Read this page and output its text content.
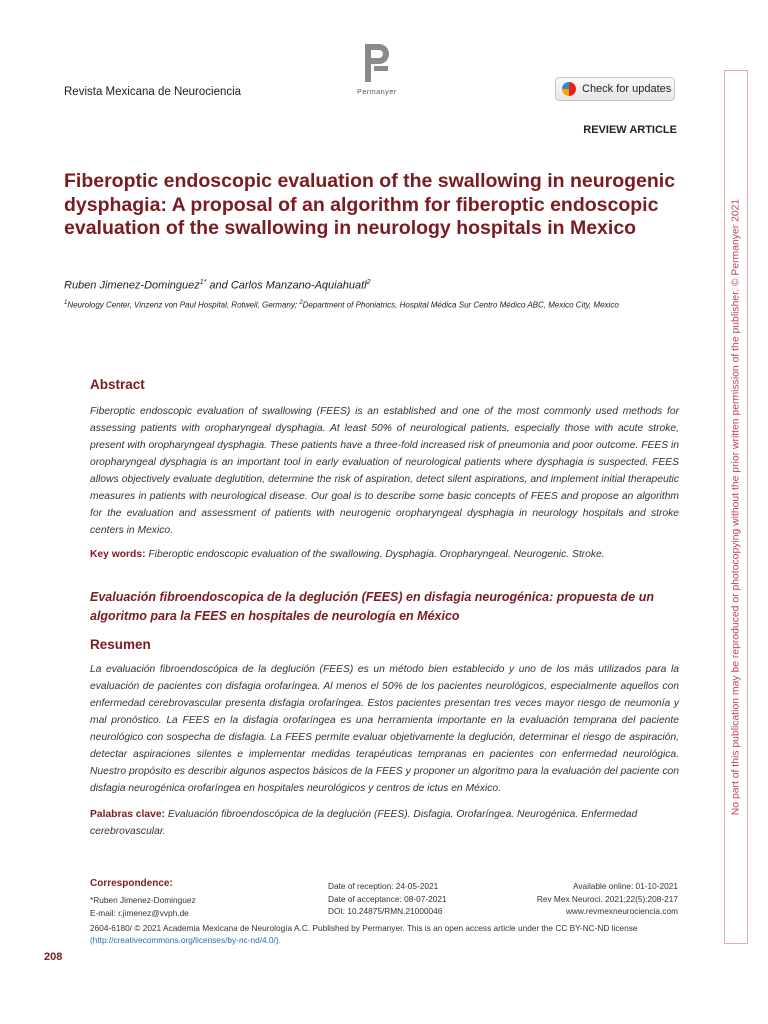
Revista Mexicana de Neurociencia	Permanyer	Check for updates
REVIEW ARTICLE
Fiberoptic endoscopic evaluation of the swallowing in neurogenic dysphagia: A proposal of an algorithm for fiberoptic endoscopic evaluation of the swallowing in neurology hospitals in Mexico
Ruben Jimenez-Dominguez$^{1*}$ and Carlos Manzano-Aquiahuatl$^2$
$^1$Neurology Center, Vinzenz von Paul Hospital, Rotweil, Germany; $^2$Department of Phoniatrics, Hospital Médica Sur Centro Médico ABC, Mexico City, Mexico
Abstract

Fiberoptic endoscopic evaluation of swallowing (FEES) is an established and one of the most commonly used methods for assessing patients with oropharyngeal dysphagia. At least 50% of neurological patients, especially those with acute stroke, present with oropharyngeal dysphagia. These patients have a three-fold increased risk of pneumonia and poor outcome. FEES in oropharyngeal dysphagia is an important tool in early evaluation of neurological patients where dysphagia is suspected. FEES allows objectively evaluate deglutition, determine the risk of aspiration, detect silent aspirations, and implement initial therapeutic measures in patients with neurological disease. Our goal is to describe some basic concepts of FEES and propose an algorithm for the evaluation and assessment of patients with neurogenic oropharyngeal dysphagia in neurology hospitals and stroke centers in Mexico.

Key words: Fiberoptic endoscopic evaluation of the swallowing. Dysphagia. Oropharyngeal. Neurogenic. Stroke.
Evaluación fibroendoscopica de la deglución (FEES) en disfagia neurogénica: propuesta de un algoritmo para la FEES en hospitales de neurología en México
Resumen

La evaluación fibroendoscópica de la deglución (FEES) es un método bien establecido y uno de los más utilizados para la evaluación de pacientes con disfagia orofaríngea. Al menos el 50% de los pacientes neurológicos, especialmente aquellos con enfermedad cerebrovascular presenta disfagia orofaríngea. Estos pacientes presentan tres veces mayor riesgo de neumonía y mal pronóstico. La FEES en la disfagia orofaríngea es una herramienta importante en la evaluación temprana del paciente neurológico con sospecha de disfagia. La FEES permite evaluar objetivamente la deglución, determinar el riesgo de aspiración, detectar aspiraciones silentes e implementar medidas terapéuticas tempranas en pacientes con enfermedad neurológica. Nuestro propósito es describir algunos aspectos básicos de la FEES y proponer un algoritmo para la evaluación del paciente con disfagia neurogénica orofaríngea en hospitales neurológicos y centros de ictus en México.

Palabras clave: Evaluación fibroendoscópica de la deglución (FEES). Disfagia. Orofaríngea. Neurogénica. Enfermedad cerebrovascular.
Correspondence:
*Ruben Jimenez-Dominguez
E-mail: r.jimenez@vvph.de
Date of reception: 24-05-2021
Date of acceptance: 08-07-2021
DOI: 10.24875/RMN.21000046
Available online: 01-10-2021
Rev Mex Neuroci. 2021;22(5):208-217
www.revmexneurociencia.com
2604-6180/ © 2021 Academia Mexicana de Neurología A.C. Published by Permanyer. This is an open access article under the CC BY-NC-ND license (http://creativecommons.org/licenses/by-nc-nd/4.0/).
208
No part of this publication may be reproduced or photocopying without the prior written permission of the publisher. © Permanyer 2021
